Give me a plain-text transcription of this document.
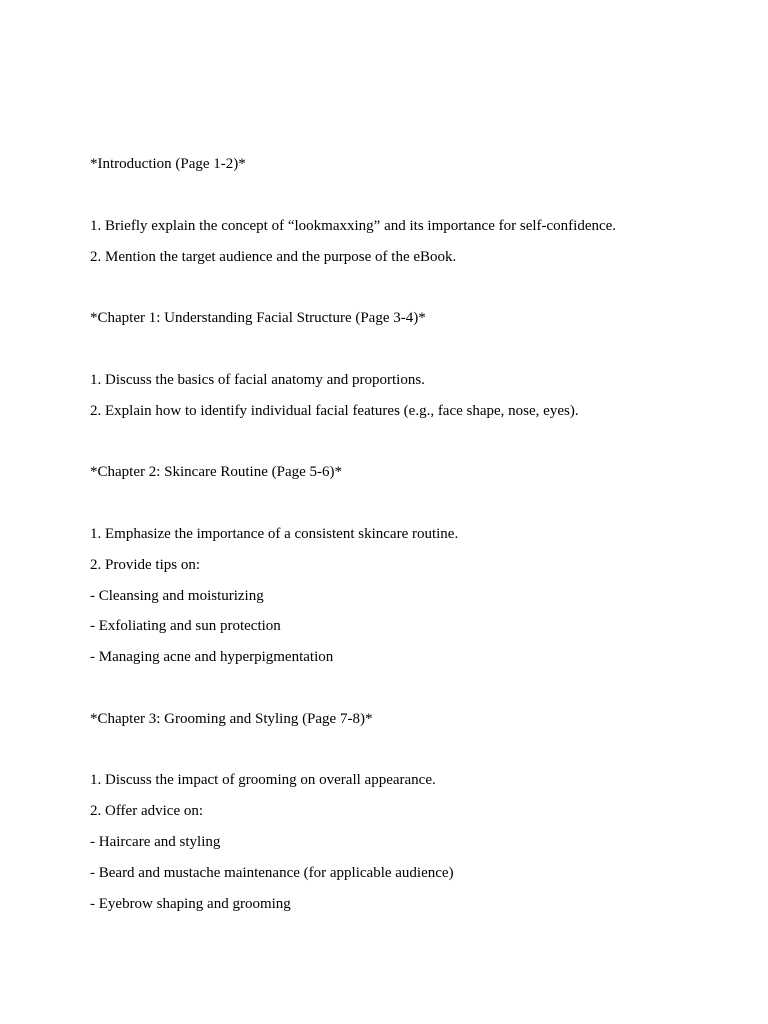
*Introduction (Page 1-2)*
1. Briefly explain the concept of “lookmaxxing” and its importance for self-confidence.
2. Mention the target audience and the purpose of the eBook.
*Chapter 1: Understanding Facial Structure (Page 3-4)*
1. Discuss the basics of facial anatomy and proportions.
2. Explain how to identify individual facial features (e.g., face shape, nose, eyes).
*Chapter 2: Skincare Routine (Page 5-6)*
1. Emphasize the importance of a consistent skincare routine.
2. Provide tips on:
- Cleansing and moisturizing
- Exfoliating and sun protection
- Managing acne and hyperpigmentation
*Chapter 3: Grooming and Styling (Page 7-8)*
1. Discuss the impact of grooming on overall appearance.
2. Offer advice on:
- Haircare and styling
- Beard and mustache maintenance (for applicable audience)
- Eyebrow shaping and grooming
